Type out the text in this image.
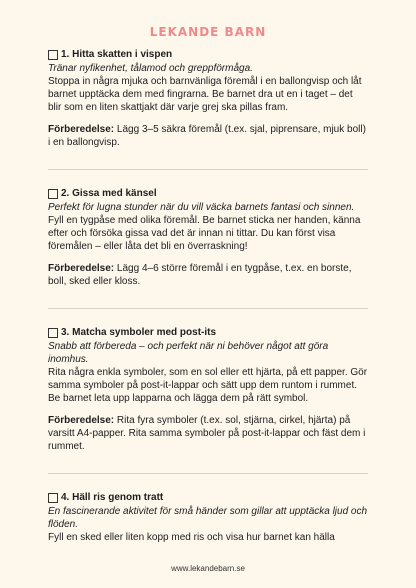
LEKANDE BARN
1. Hitta skatten i vispen
Tränar nyfikenhet, tålamod och greppförmåga.

Stoppa in några mjuka och barnvänliga föremål i en ballongvisp och låt barnet upptäcka dem med fingrarna. Be barnet dra ut en i taget – det blir som en liten skattjakt där varje grej ska pillas fram.

Förberedelse: Lägg 3–5 säkra föremål (t.ex. sjal, piprensare, mjuk boll) i en ballongvisp.
2. Gissa med känsel
Perfekt för lugna stunder när du vill väcka barnets fantasi och sinnen.

Fyll en tygpåse med olika föremål. Be barnet sticka ner handen, känna efter och försöka gissa vad det är innan ni tittar. Du kan först visa föremålen – eller låta det bli en överraskning!

Förberedelse: Lägg 4–6 större föremål i en tygpåse, t.ex. en borste, boll, sked eller kloss.
3. Matcha symboler med post-its
Snabb att förbereda – och perfekt när ni behöver något att göra inomhus.

Rita några enkla symboler, som en sol eller ett hjärta, på ett papper. Gör samma symboler på post-it-lappar och sätt upp dem runtom i rummet. Be barnet leta upp lapparna och lägga dem på rätt symbol.

Förberedelse: Rita fyra symboler (t.ex. sol, stjärna, cirkel, hjärta) på varsitt A4-papper. Rita samma symboler på post-it-lappar och fäst dem i rummet.
4. Häll ris genom tratt
En fascinerande aktivitet för små händer som gillar att upptäcka ljud och flöden.

Fyll en sked eller liten kopp med ris och visa hur barnet kan hälla

www.lekandebarn.se
